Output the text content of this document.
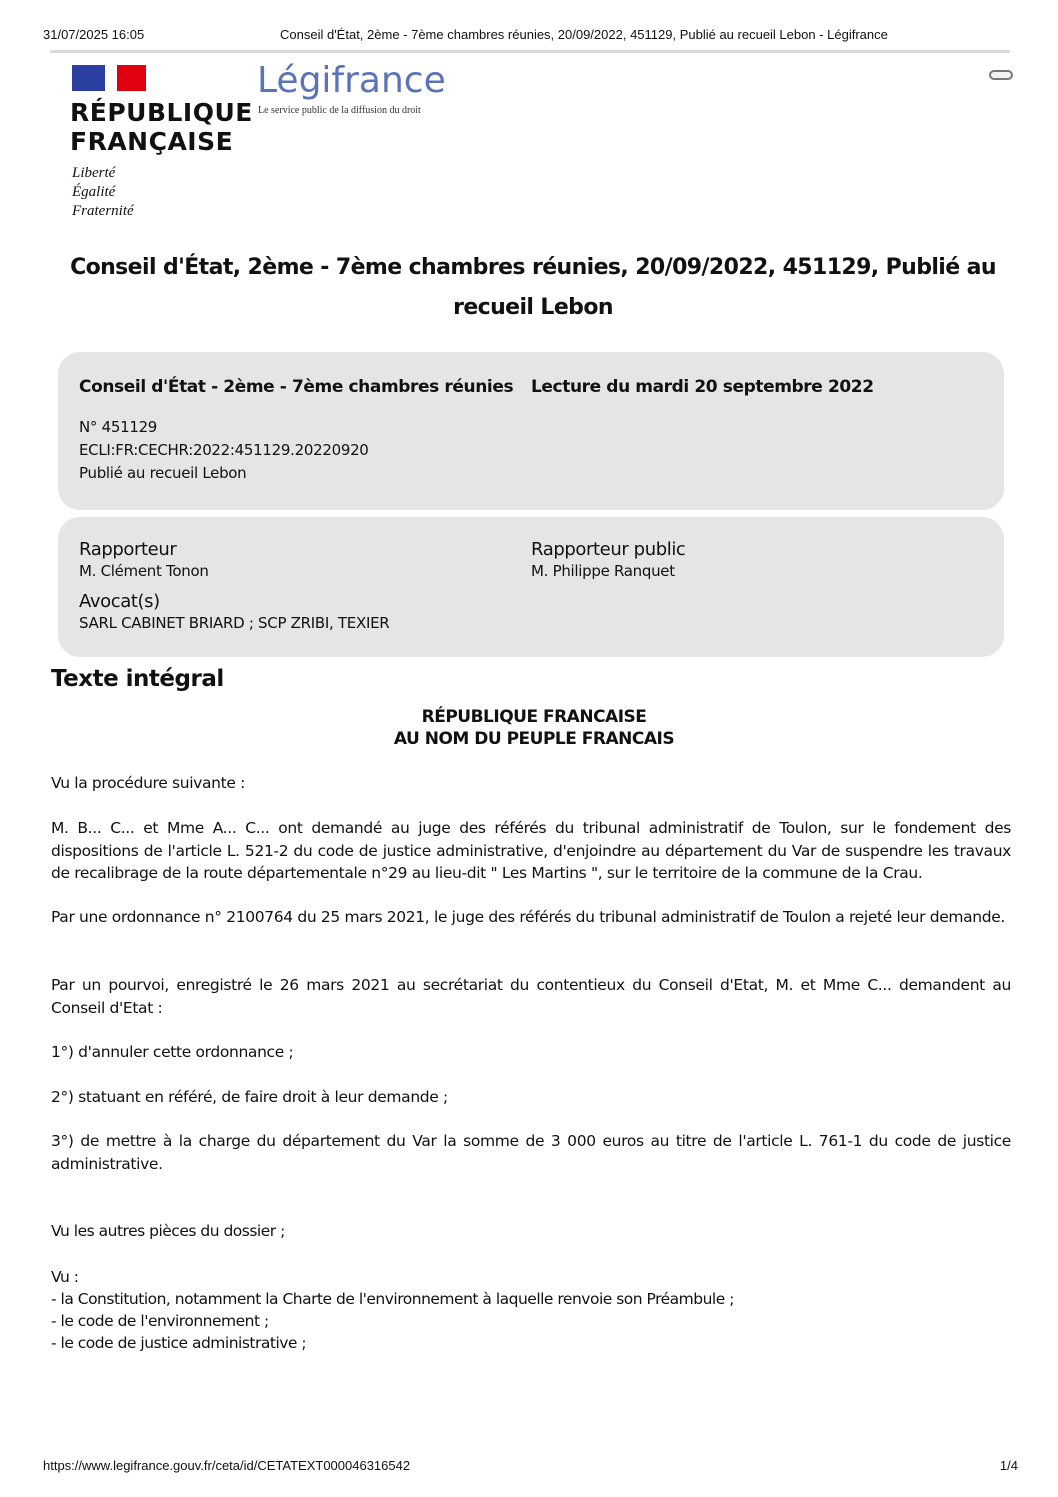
31/07/2025 16:05	Conseil d'État, 2ème - 7ème chambres réunies, 20/09/2022, 451129, Publié au recueil Lebon - Légifrance
RÉPUBLIQUE
FRANÇAISE
Liberté
Égalité
Fraternité
Légifrance
Le service public de la diffusion du droit
Conseil d'État, 2ème - 7ème chambres réunies, 20/09/2022, 451129, Publié au recueil Lebon
Conseil d'État - 2ème - 7ème chambres réunies Lecture du mardi 20 septembre 2022
N° 451129
ECLI:FR:CECHR:2022:451129.20220920
Publié au recueil Lebon
Rapporteur
M. Clément Tonon
Rapporteur public
M. Philippe Ranquet
Avocat(s)
SARL CABINET BRIARD ; SCP ZRIBI, TEXIER
Texte intégral
RÉPUBLIQUE FRANCAISE
AU NOM DU PEUPLE FRANCAIS

Vu la procédure suivante :

M. B... C... et Mme A... C... ont demandé au juge des référés du tribunal administratif de Toulon, sur le fondement des dispositions de l'article L. 521-2 du code de justice administrative, d'enjoindre au département du Var de suspendre les travaux de recalibrage de la route départementale n°29 au lieu-dit " Les Martins ", sur le territoire de la commune de la Crau.

Par une ordonnance n° 2100764 du 25 mars 2021, le juge des référés du tribunal administratif de Toulon a rejeté leur demande.

Par un pourvoi, enregistré le 26 mars 2021 au secrétariat du contentieux du Conseil d'Etat, M. et Mme C... demandent au Conseil d'Etat :

1°) d'annuler cette ordonnance ;

2°) statuant en référé, de faire droit à leur demande ;

3°) de mettre à la charge du département du Var la somme de 3 000 euros au titre de l'article L. 761-1 du code de justice administrative.

Vu les autres pièces du dossier ;

Vu :
- la Constitution, notamment la Charte de l'environnement à laquelle renvoie son Préambule ;
- le code de l'environnement ;
- le code de justice administrative ;
https://www.legifrance.gouv.fr/ceta/id/CETATEXT000046316542	1/4
